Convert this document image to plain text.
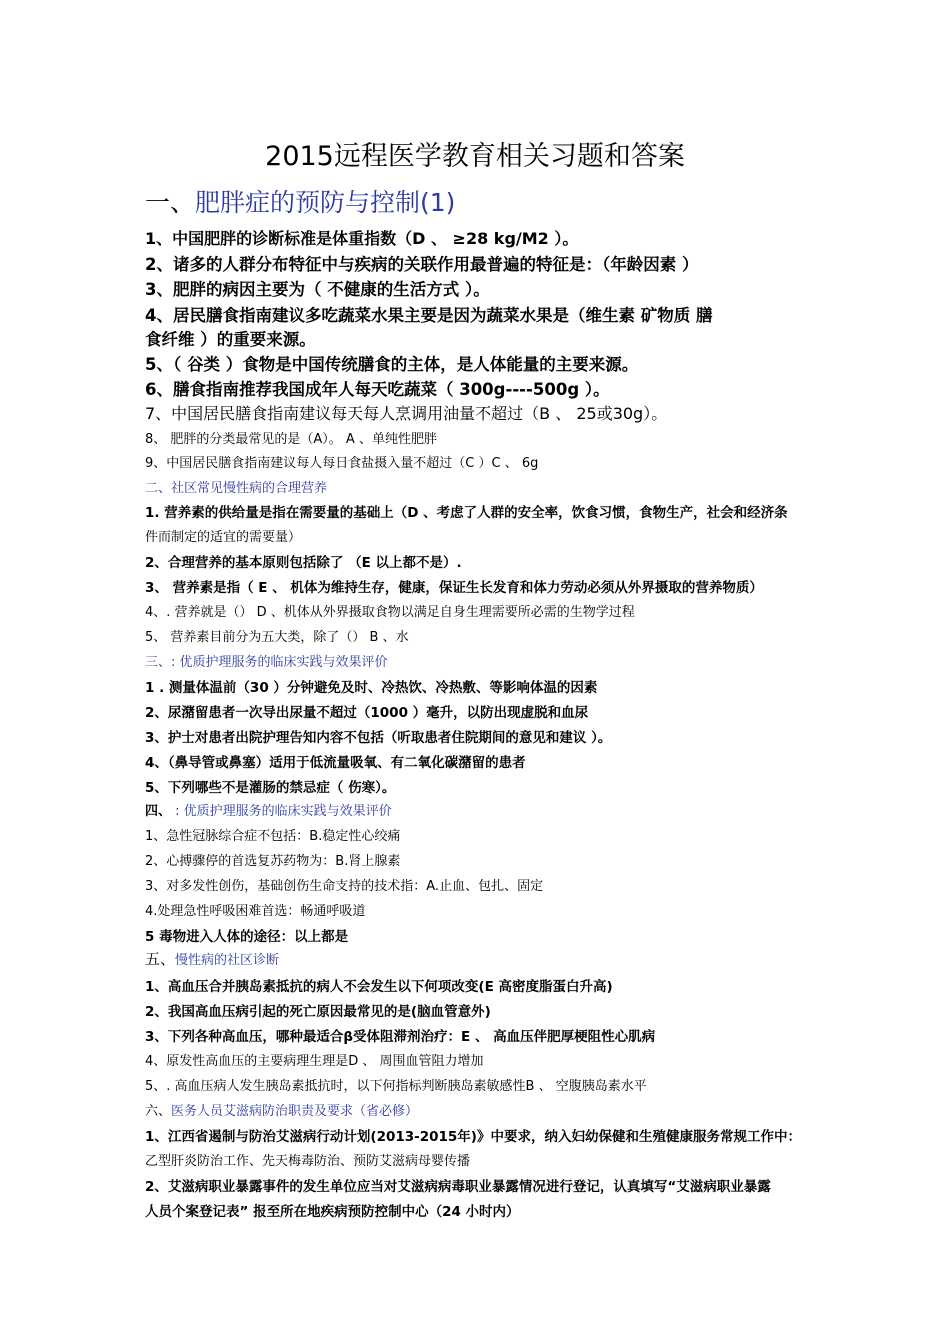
2015远程医学教育相关习题和答案
一、肥胖症的预防与控制(1)
1、中国肥胖的诊断标准是体重指数（D 、 ≥28 kg/M2 ）。
2、诸多的人群分布特征中与疾病的关联作用最普遍的特征是：（年龄因素 ）
3、肥胖的病因主要为（ 不健康的生活方式 ）。
4、居民膳食指南建议多吃蔬菜水果主要是因为蔬菜水果是（维生素 矿物质 膳
食纤维 ）的重要来源。
5、（ 谷类 ）食物是中国传统膳食的主体，是人体能量的主要来源。
6、膳食指南推荐我国成年人每天吃蔬菜（ 300g----500g ）。
7、中国居民膳食指南建议每天每人烹调用油量不超过（B 、 25或30g）。
8、 肥胖的分类最常见的是（A）。 A 、单纯性肥胖
9、中国居民膳食指南建议每人每日食盐摄入量不超过（C ）C 、 6g
二、社区常见慢性病的合理营养
1. 营养素的供给量是指在需要量的基础上（D 、考虑了人群的安全率，饮食习惯，食物生产，社会和经济条
件而制定的适宜的需要量）
2、合理营养的基本原则包括除了 （E 以上都不是）.
3、 营养素是指（ E 、 机体为维持生存，健康，保证生长发育和体力劳动必须从外界摄取的营养物质）
4、. 营养就是（） D 、机体从外界摄取食物以满足自身生理需要所必需的生物学过程
5、 营养素目前分为五大类，除了（） B 、水
三、: 优质护理服务的临床实践与效果评价
1 . 测量体温前（30 ）分钟避免及时、冷热饮、冷热敷、等影响体温的因素
2、尿潴留患者一次导出尿量不超过（1000 ）毫升，以防出现虚脱和血尿
3、护士对患者出院护理告知内容不包括（听取患者住院期间的意见和建议 ）。
4、（鼻导管或鼻塞）适用于低流量吸氧、有二氧化碳潴留的患者
5、下列哪些不是灌肠的禁忌症（ 伤寒）。
四、 : 优质护理服务的临床实践与效果评价
1、急性冠脉综合症不包括：B.稳定性心绞痛
2、心搏骤停的首选复苏药物为：B.肾上腺素
3、对多发性创伤，基础创伤生命支持的技术指：A.止血、包扎、固定
4.处理急性呼吸困难首选：畅通呼吸道
5 毒物进入人体的途径：以上都是
五、慢性病的社区诊断
1、高血压合并胰岛素抵抗的病人不会发生以下何项改变(E 高密度脂蛋白升高)
2、我国高血压病引起的死亡原因最常见的是(脑血管意外)
3、下列各种高血压，哪种最适合β受体阻滞剂治疗：E 、 高血压伴肥厚梗阻性心肌病
4、原发性高血压的主要病理生理是D 、 周围血管阻力增加
5、. 高血压病人发生胰岛素抵抗时，以下何指标判断胰岛素敏感性B 、 空腹胰岛素水平
六、医务人员艾滋病防治职责及要求（省必修）
1、江西省遏制与防治艾滋病行动计划(2013-2015年)》中要求，纳入妇幼保健和生殖健康服务常规工作中：
乙型肝炎防治工作、先天梅毒防治、预防艾滋病母婴传播
2、艾滋病职业暴露事件的发生单位应当对艾滋病病毒职业暴露情况进行登记，认真填写“艾滋病职业暴露
人员个案登记表” 报至所在地疾病预防控制中心（24 小时内）
